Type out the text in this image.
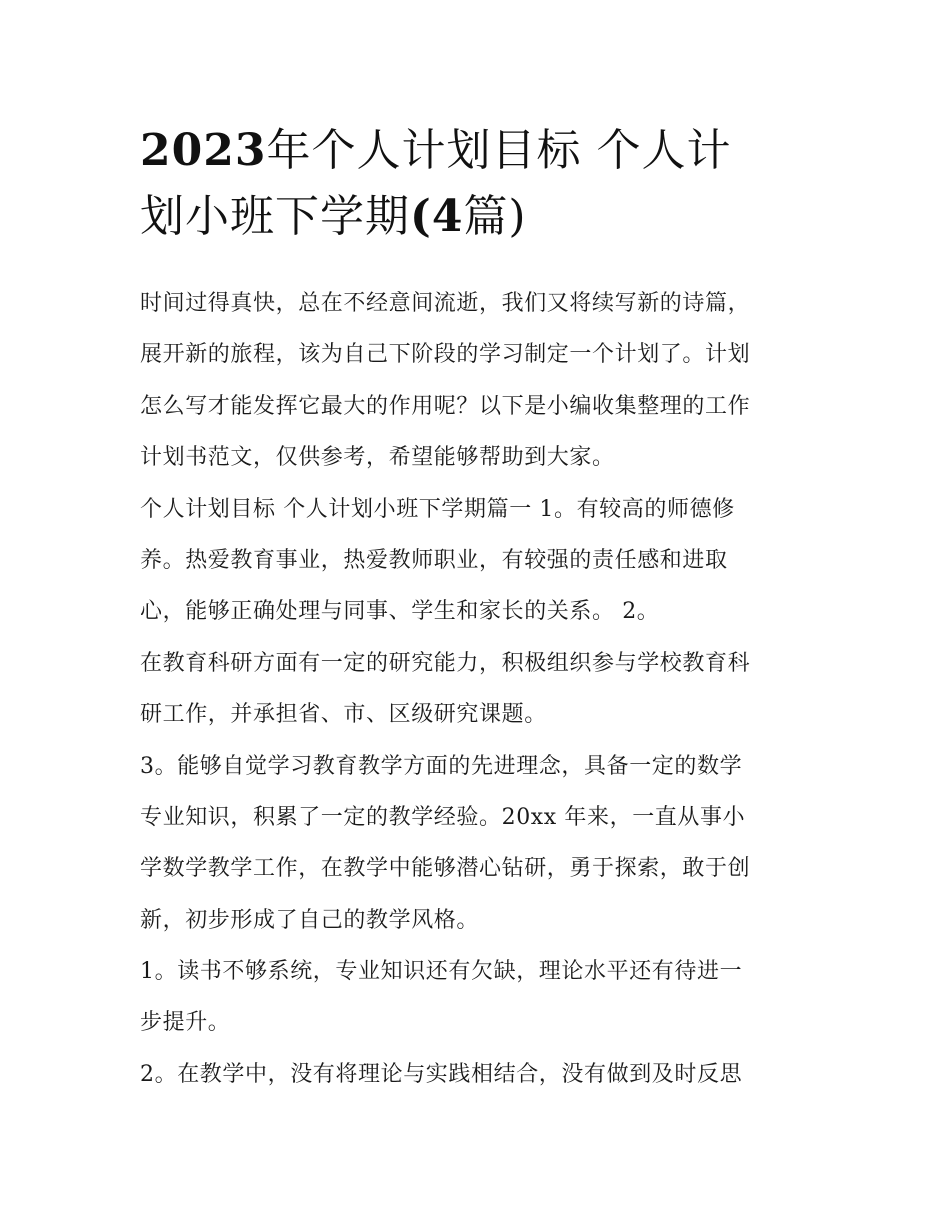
2023年个人计划目标 个人计
划小班下学期(4篇)
时间过得真快，总在不经意间流逝，我们又将续写新的诗篇，
展开新的旅程，该为自己下阶段的学习制定一个计划了。计划
怎么写才能发挥它最大的作用呢？以下是小编收集整理的工作
计划书范文，仅供参考，希望能够帮助到大家。
个人计划目标 个人计划小班下学期篇一 1。有较高的师德修
养。热爱教育事业，热爱教师职业，有较强的责任感和进取
心，能够正确处理与同事、学生和家长的关系。 2。
在教育科研方面有一定的研究能力，积极组织参与学校教育科
研工作，并承担省、市、区级研究课题。
3。能够自觉学习教育教学方面的先进理念，具备一定的数学
专业知识，积累了一定的教学经验。20xx 年来，一直从事小
学数学教学工作，在教学中能够潜心钻研，勇于探索，敢于创
新，初步形成了自己的教学风格。
1。读书不够系统，专业知识还有欠缺，理论水平还有待进一
步提升。
2。在教学中，没有将理论与实践相结合，没有做到及时反思
